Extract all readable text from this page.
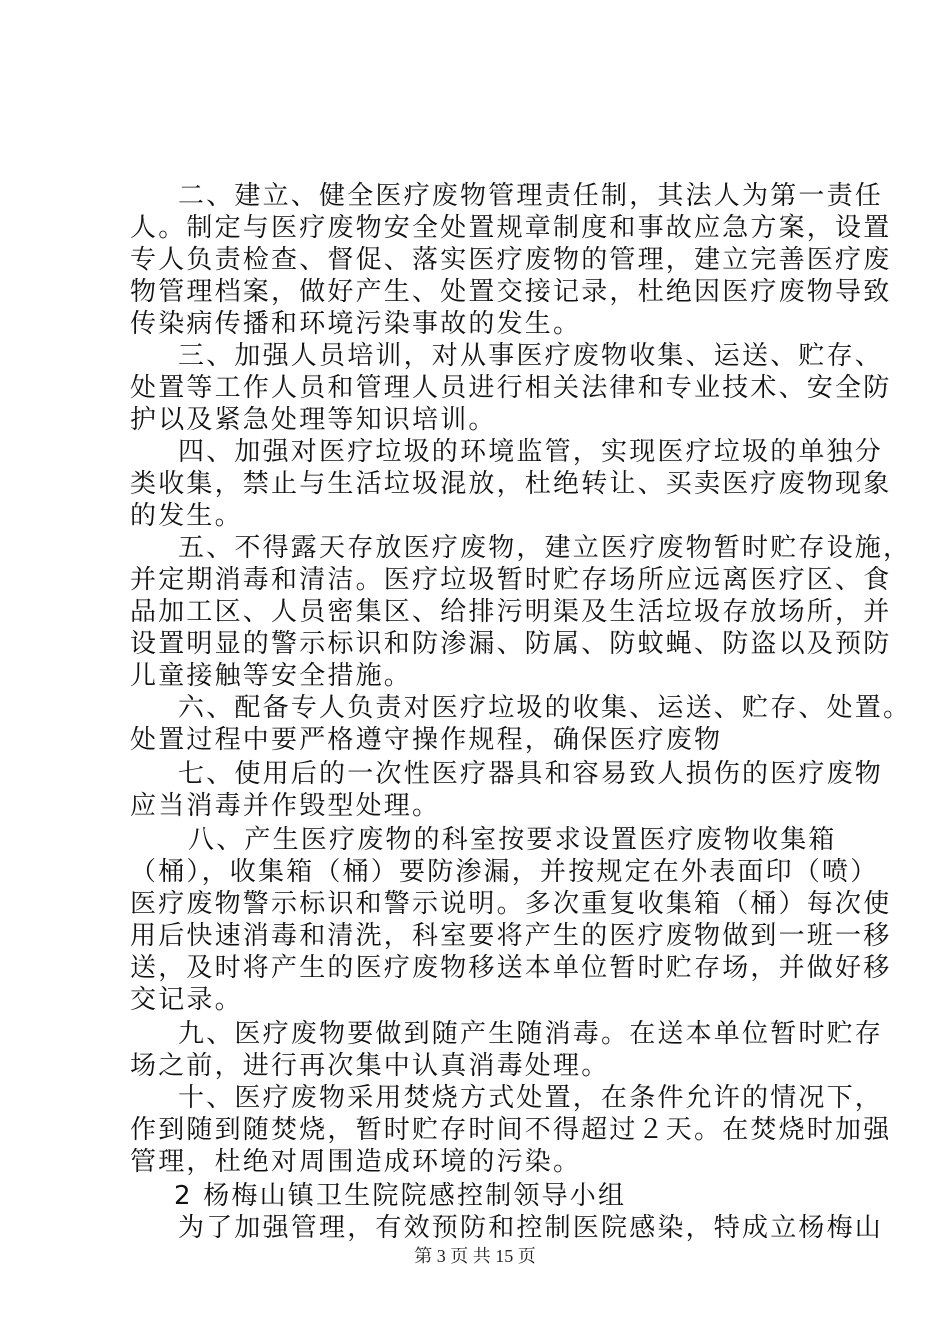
二、建立、健全医疗废物管理责任制，其法人为第一责任
人。制定与医疗废物安全处置规章制度和事故应急方案，设置
专人负责检查、督促、落实医疗废物的管理，建立完善医疗废
物管理档案，做好产生、处置交接记录，杜绝因医疗废物导致
传染病传播和环境污染事故的发生。
三、加强人员培训，对从事医疗废物收集、运送、贮存、
处置等工作人员和管理人员进行相关法律和专业技术、安全防
护以及紧急处理等知识培训。
四、加强对医疗垃圾的环境监管，实现医疗垃圾的单独分
类收集，禁止与生活垃圾混放，杜绝转让、买卖医疗废物现象
的发生。
五、不得露天存放医疗废物，建立医疗废物暂时贮存设施，
并定期消毒和清洁。医疗垃圾暂时贮存场所应远离医疗区、食
品加工区、人员密集区、给排污明渠及生活垃圾存放场所，并
设置明显的警示标识和防渗漏、防属、防蚊蝇、防盗以及预防
儿童接触等安全措施。
六、配备专人负责对医疗垃圾的收集、运送、贮存、处置。
处置过程中要严格遵守操作规程，确保医疗废物
七、使用后的一次性医疗器具和容易致人损伤的医疗废物
应当消毒并作毁型处理。
八、产生医疗废物的科室按要求设置医疗废物收集箱
（桶），收集箱（桶）要防渗漏，并按规定在外表面印（喷）
医疗废物警示标识和警示说明。多次重复收集箱（桶）每次使
用后快速消毒和清洗，科室要将产生的医疗废物做到一班一移
送，及时将产生的医疗废物移送本单位暂时贮存场，并做好移
交记录。
九、医疗废物要做到随产生随消毒。在送本单位暂时贮存
场之前，进行再次集中认真消毒处理。
十、医疗废物采用焚烧方式处置，在条件允许的情况下，
作到随到随焚烧，暂时贮存时间不得超过２天。在焚烧时加强
管理，杜绝对周围造成环境的污染。
2 杨梅山镇卫生院院感控制领导小组
为了加强管理，有效预防和控制医院感染，特成立杨梅山
第 3 页 共 15 页
